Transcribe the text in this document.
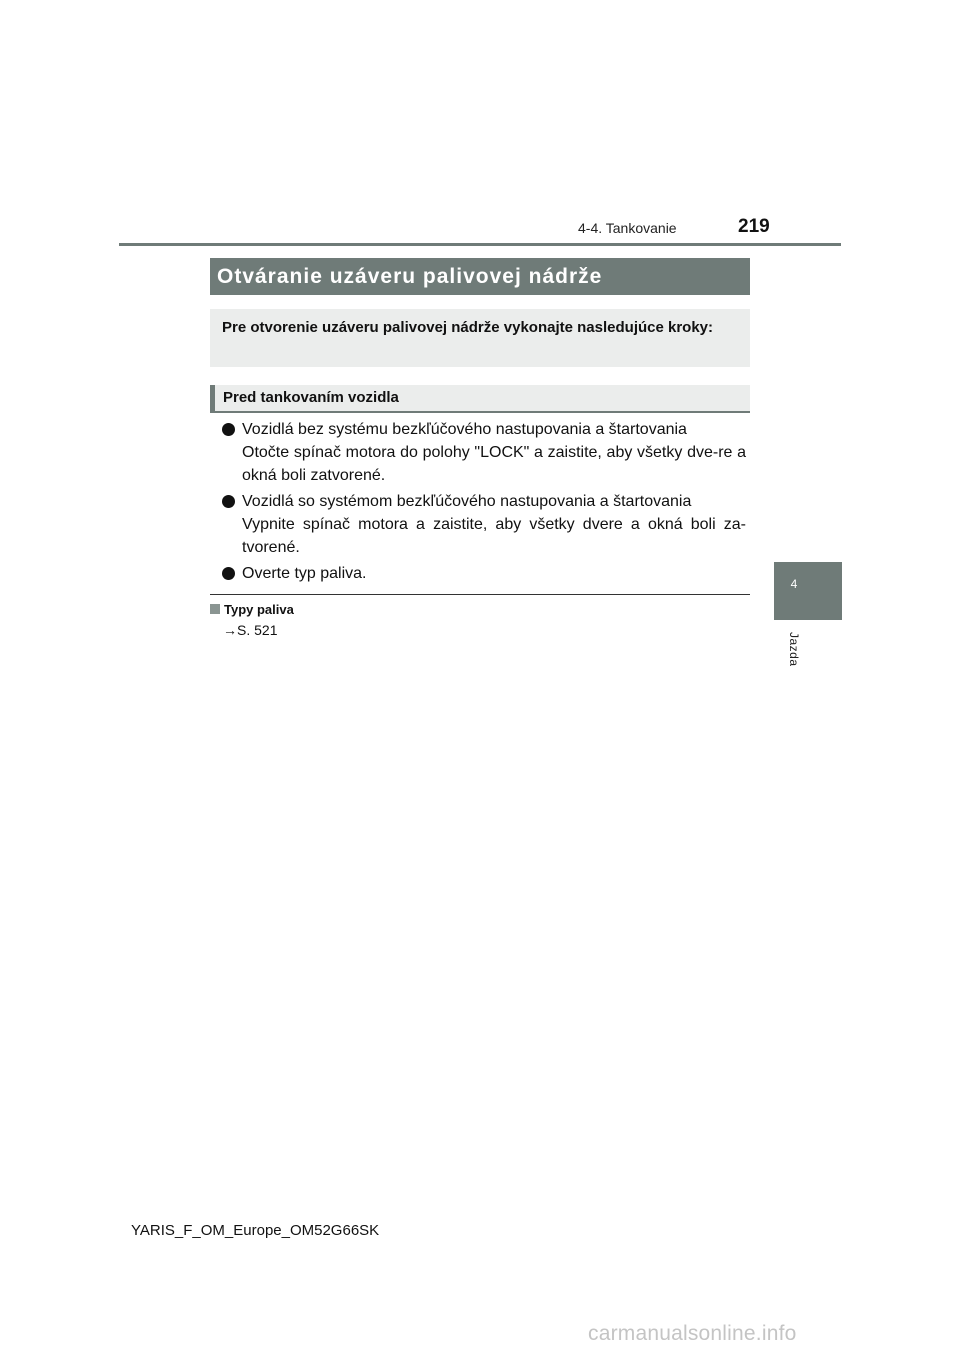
4-4. Tankovanie	219
4
Jazda
Otváranie uzáveru palivovej nádrže
Pre otvorenie uzáveru palivovej nádrže vykonajte nasledujúce kroky:
Pred tankovaním vozidla
Vozidlá bez systému bezkľúčového nastupovania a štartovania
Otočte spínač motora do polohy "LOCK" a zaistite, aby všetky dve-re a okná boli zatvorené.
Vozidlá so systémom bezkľúčového nastupovania a štartovania
Vypnite spínač motora a zaistite, aby všetky dvere a okná boli za-tvorené.
Overte typ paliva.
Typy paliva
→S. 521
YARIS_F_OM_Europe_OM52G66SK
carmanualsonline.info
